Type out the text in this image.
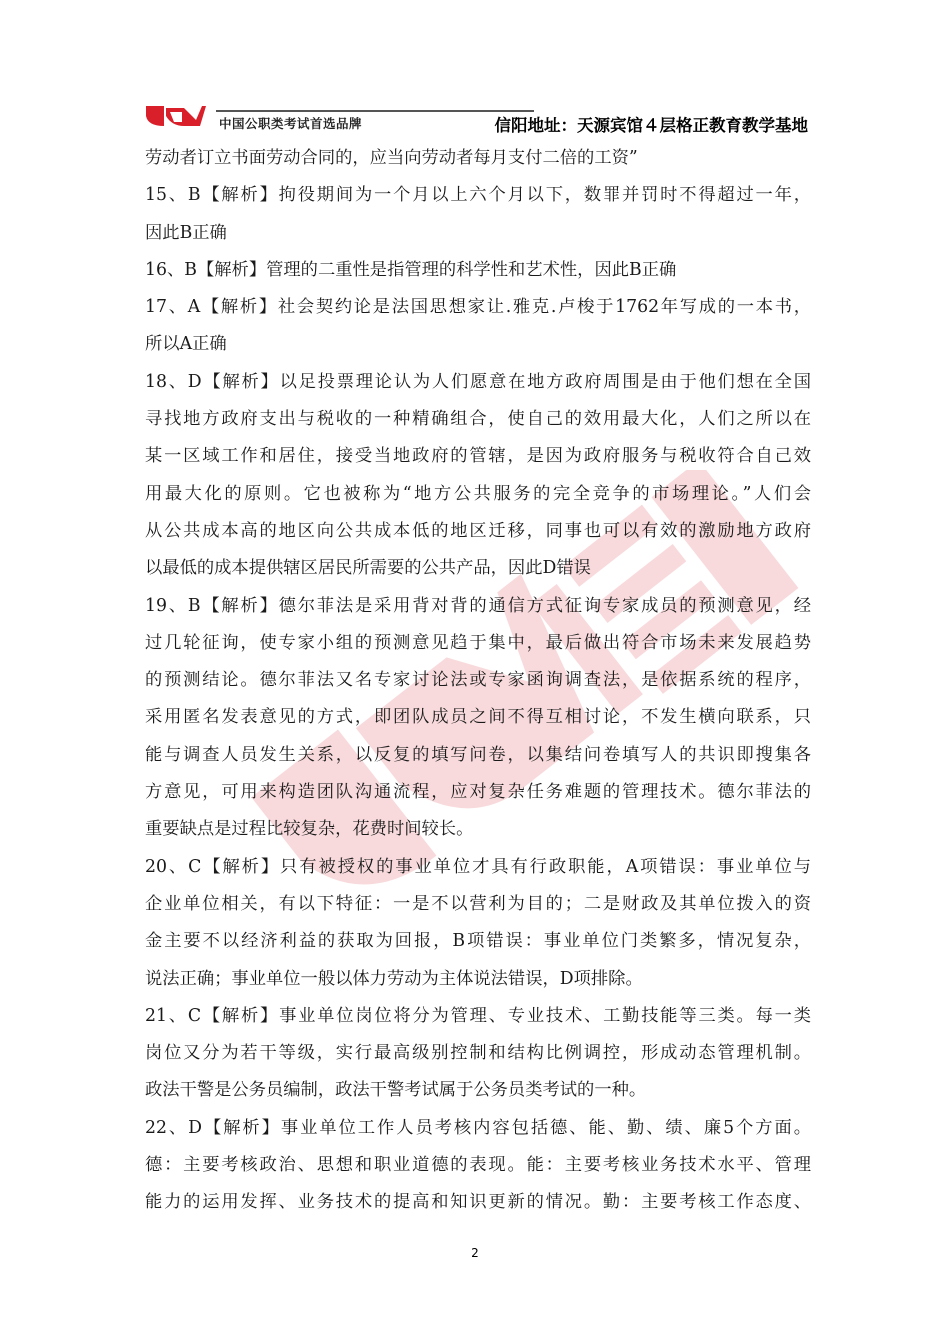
中国公职类考试首选品牌	信阳地址：天源宾馆４层格正教育教学基地
劳动者订立书面劳动合同的，应当向劳动者每月支付二倍的工资”
15、B【解析】拘役期间为一个月以上六个月以下，数罪并罚时不得超过一年，
因此B正确
16、B【解析】管理的二重性是指管理的科学性和艺术性，因此B正确
17、A【解析】社会契约论是法国思想家让.雅克.卢梭于1762年写成的一本书，
所以A正确
18、D【解析】以足投票理论认为人们愿意在地方政府周围是由于他们想在全国
寻找地方政府支出与税收的一种精确组合，使自己的效用最大化，人们之所以在
某一区域工作和居住，接受当地政府的管辖，是因为政府服务与税收符合自己效
用最大化的原则。它也被称为“地方公共服务的完全竞争的市场理论。”人们会
从公共成本高的地区向公共成本低的地区迁移，同事也可以有效的激励地方政府
以最低的成本提供辖区居民所需要的公共产品，因此D错误
19、B【解析】德尔菲法是采用背对背的通信方式征询专家成员的预测意见，经
过几轮征询，使专家小组的预测意见趋于集中，最后做出符合市场未来发展趋势
的预测结论。德尔菲法又名专家讨论法或专家函询调查法，是依据系统的程序，
采用匿名发表意见的方式，即团队成员之间不得互相讨论，不发生横向联系，只
能与调查人员发生关系，以反复的填写问卷，以集结问卷填写人的共识即搜集各
方意见，可用来构造团队沟通流程，应对复杂任务难题的管理技术。德尔菲法的
重要缺点是过程比较复杂，花费时间较长。
20、C【解析】只有被授权的事业单位才具有行政职能，A项错误：事业单位与
企业单位相关，有以下特征：一是不以营利为目的；二是财政及其单位拨入的资
金主要不以经济利益的获取为回报，B项错误：事业单位门类繁多，情况复杂，
说法正确；事业单位一般以体力劳动为主体说法错误，D项排除。
21、C【解析】事业单位岗位将分为管理、专业技术、工勤技能等三类。每一类
岗位又分为若干等级，实行最高级别控制和结构比例调控，形成动态管理机制。
政法干警是公务员编制，政法干警考试属于公务员类考试的一种。
22、D【解析】事业单位工作人员考核内容包括德、能、勤、绩、廉5个方面。
德：主要考核政治、思想和职业道德的表现。能：主要考核业务技术水平、管理
能力的运用发挥、业务技术的提高和知识更新的情况。勤：主要考核工作态度、
2
